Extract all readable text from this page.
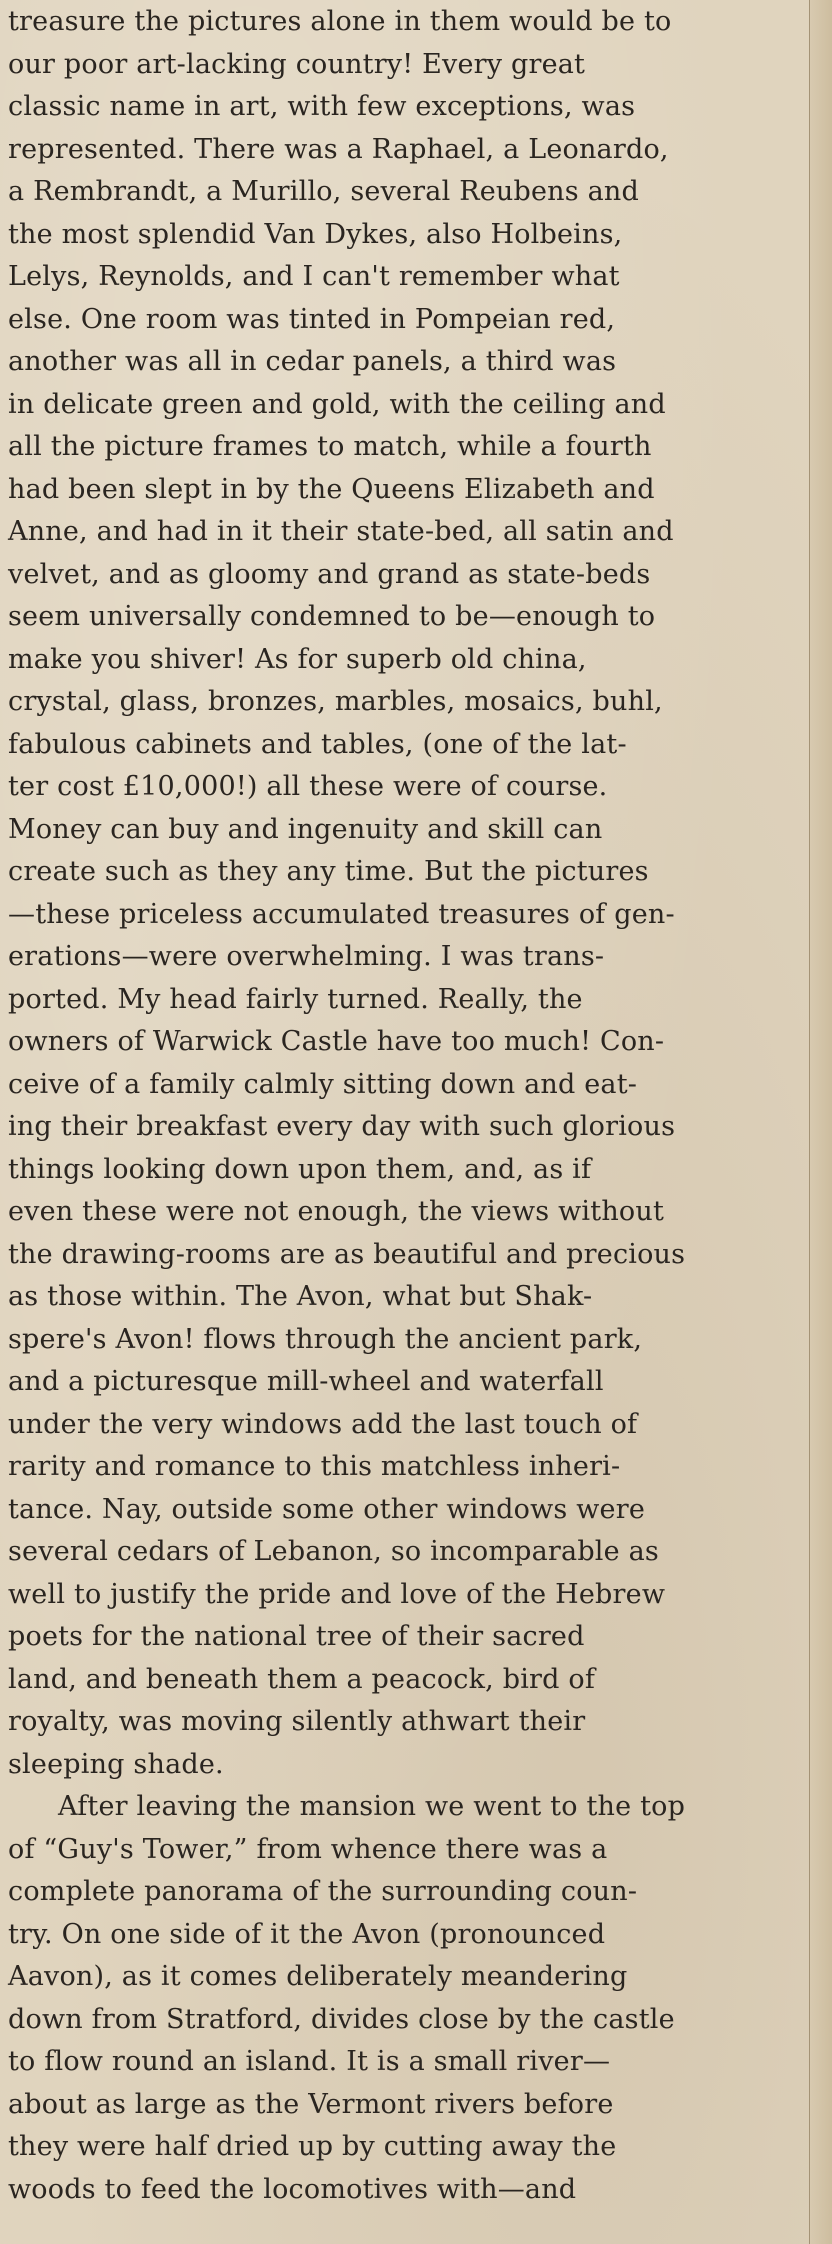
treasure the pictures alone in them would be to
our poor art-lacking country! Every great
classic name in art, with few exceptions, was
represented. There was a Raphael, a Leonardo,
a Rembrandt, a Murillo, several Reubens and
the most splendid Van Dykes, also Holbeins,
Lelys, Reynolds, and I can't remember what
else. One room was tinted in Pompeian red,
another was all in cedar panels, a third was
in delicate green and gold, with the ceiling and
all the picture frames to match, while a fourth
had been slept in by the Queens Elizabeth and
Anne, and had in it their state-bed, all satin and
velvet, and as gloomy and grand as state-beds
seem universally condemned to be—enough to
make you shiver! As for superb old china,
crystal, glass, bronzes, marbles, mosaics, buhl,
fabulous cabinets and tables, (one of the lat-
ter cost £10,000!) all these were of course.
Money can buy and ingenuity and skill can
create such as they any time. But the pictures
—these priceless accumulated treasures of gen-
erations—were overwhelming. I was trans-
ported. My head fairly turned. Really, the
owners of Warwick Castle have too much! Con-
ceive of a family calmly sitting down and eat-
ing their breakfast every day with such glorious
things looking down upon them, and, as if
even these were not enough, the views without
the drawing-rooms are as beautiful and precious
as those within. The Avon, what but Shak-
spere's Avon! flows through the ancient park,
and a picturesque mill-wheel and waterfall
under the very windows add the last touch of
rarity and romance to this matchless inheri-
tance. Nay, outside some other windows were
several cedars of Lebanon, so incomparable as
well to justify the pride and love of the Hebrew
poets for the national tree of their sacred
land, and beneath them a peacock, bird of
royalty, was moving silently athwart their
sleeping shade.
After leaving the mansion we went to the top
of “Guy's Tower,” from whence there was a
complete panorama of the surrounding coun-
try. On one side of it the Avon (pronounced
Aavon), as it comes deliberately meandering
down from Stratford, divides close by the castle
to flow round an island. It is a small river—
about as large as the Vermont rivers before
they were half dried up by cutting away the
woods to feed the locomotives with—and
